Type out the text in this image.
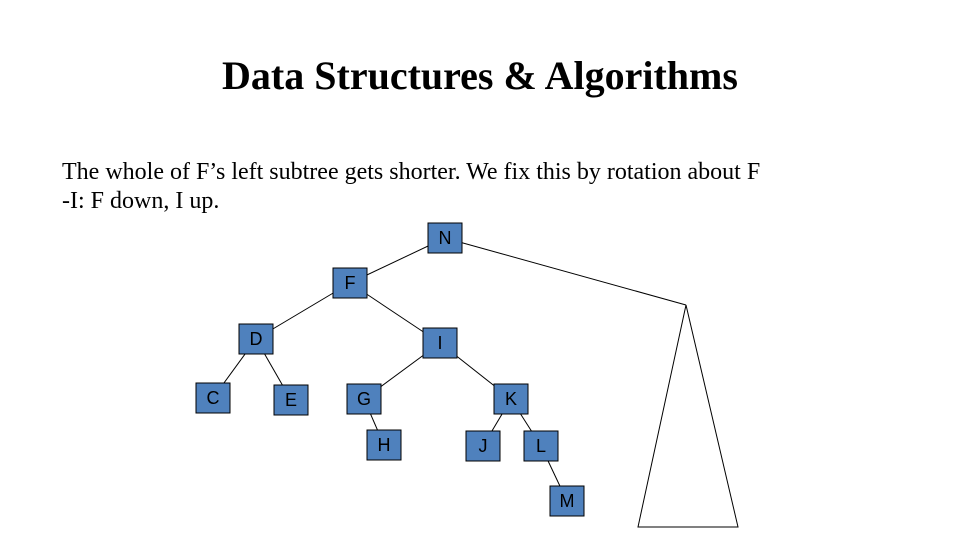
Data Structures & Algorithms
The whole of F’s left subtree gets shorter. We fix this by rotation about F
-I: F down, I up.
N
F
D	I
C	E	G	K
H	J	L
M
